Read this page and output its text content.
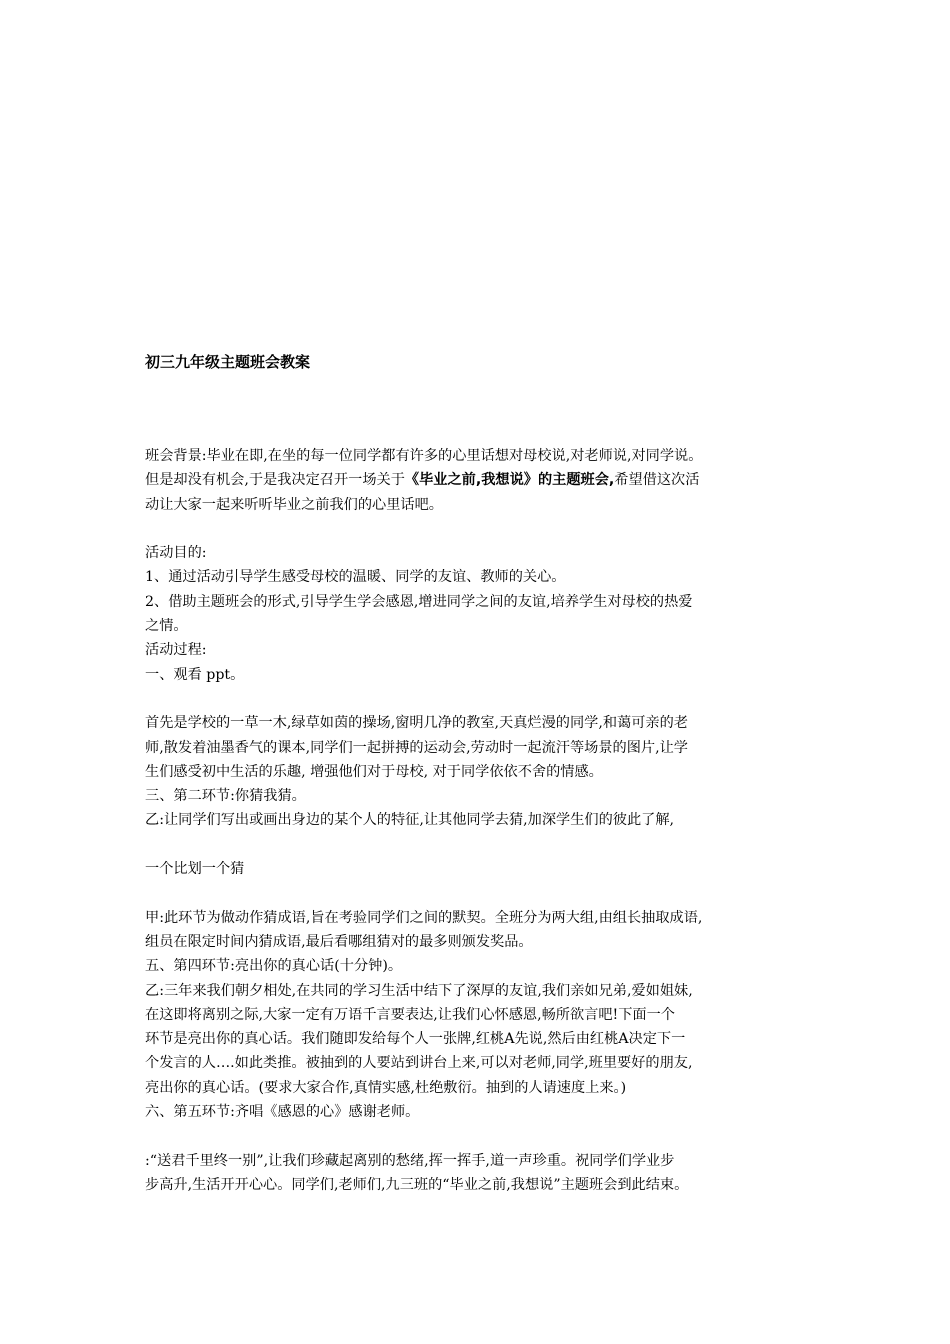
初三九年级主题班会教案

班会背景:毕业在即,在坐的每一位同学都有许多的心里话想对母校说,对老师说,对同学说。

但是却没有机会,于是我决定召开一场关于《毕业之前,我想说》的主题班会,希望借这次活

动让大家一起来听听毕业之前我们的心里话吧。

活动目的:

1、通过活动引导学生感受母校的温暖、同学的友谊、教师的关心。

2、借助主题班会的形式,引导学生学会感恩,增进同学之间的友谊,培养学生对母校的热爱

之情。

活动过程:

一、观看 ppt。

首先是学校的一草一木,绿草如茵的操场,窗明几净的教室,天真烂漫的同学,和蔼可亲的老

师,散发着油墨香气的课本,同学们一起拼搏的运动会,劳动时一起流汗等场景的图片,让学

生们感受初中生活的乐趣, 增强他们对于母校, 对于同学依依不舍的情感。

三、第二环节:你猜我猜。

乙:让同学们写出或画出身边的某个人的特征,让其他同学去猜,加深学生们的彼此了解,

一个比划一个猜

甲:此环节为做动作猜成语,旨在考验同学们之间的默契。全班分为两大组,由组长抽取成语,

组员在限定时间内猜成语,最后看哪组猜对的最多则颁发奖品。

五、第四环节:亮出你的真心话(十分钟)。

乙:三年来我们朝夕相处,在共同的学习生活中结下了深厚的友谊,我们亲如兄弟,爱如姐妹,

在这即将离别之际,大家一定有万语千言要表达,让我们心怀感恩,畅所欲言吧!下面一个

环节是亮出你的真心话。我们随即发给每个人一张牌,红桃A先说,然后由红桃A决定下一

个发言的人….如此类推。被抽到的人要站到讲台上来,可以对老师,同学,班里要好的朋友,

亮出你的真心话。(要求大家合作,真情实感,杜绝敷衍。抽到的人请速度上来。)

六、第五环节:齐唱《感恩的心》感谢老师。

:“送君千里终一别”,让我们珍藏起离别的愁绪,挥一挥手,道一声珍重。祝同学们学业步

步高升,生活开开心心。同学们,老师们,九三班的“毕业之前,我想说”主题班会到此结束。
